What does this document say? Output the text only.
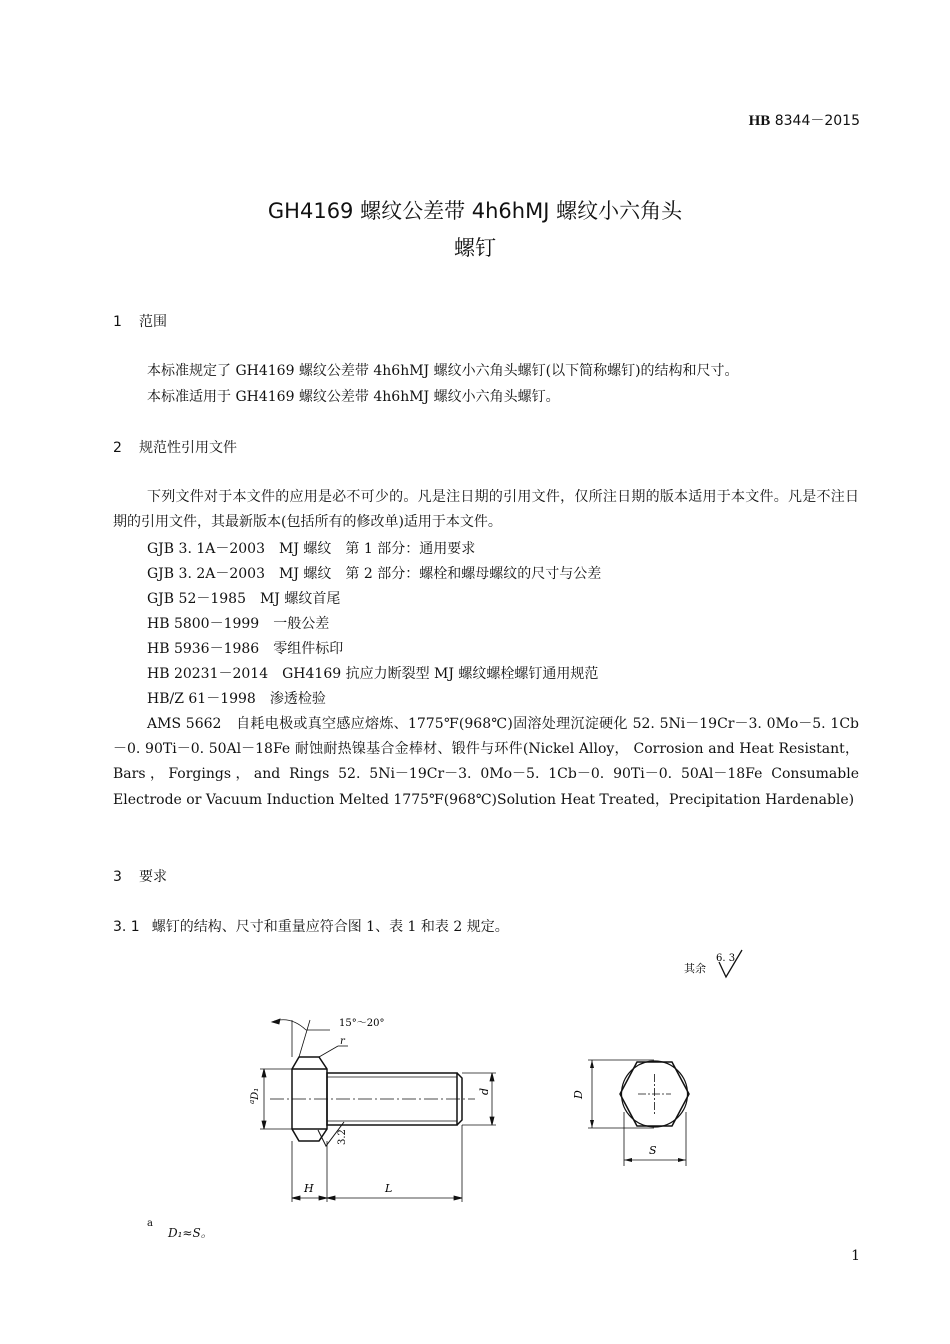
HB 8344－2015
GH4169 螺纹公差带 4h6hMJ 螺纹小六角头
螺钉
1 范围
本标准规定了 GH4169 螺纹公差带 4h6hMJ 螺纹小六角头螺钉(以下简称螺钉)的结构和尺寸。
本标准适用于 GH4169 螺纹公差带 4h6hMJ 螺纹小六角头螺钉。
2 规范性引用文件
下列文件对于本文件的应用是必不可少的。凡是注日期的引用文件，仅所注日期的版本适用于本文件。凡是不注日期的引用文件，其最新版本(包括所有的修改单)适用于本文件。
GJB 3. 1A－2003　MJ 螺纹　第 1 部分：通用要求
GJB 3. 2A－2003　MJ 螺纹　第 2 部分：螺栓和螺母螺纹的尺寸与公差
GJB 52－1985　MJ 螺纹首尾
HB 5800－1999　一般公差
HB 5936－1986　零组件标印
HB 20231－2014　GH4169 抗应力断裂型 MJ 螺纹螺栓螺钉通用规范
HB/Z 61－1998　渗透检验
AMS 5662　自耗电极或真空感应熔炼、1775℉(968℃)固溶处理沉淀硬化 52. 5Ni－19Cr－3. 0Mo－5. 1Cb－0. 90Ti－0. 50Al－18Fe 耐蚀耐热镍基合金棒材、锻件与环件(Nickel Alloy， Corrosion and Heat Resistant，Bars，Forgings，and Rings 52. 5Ni－19Cr－3. 0Mo－5. 1Cb－0. 90Ti－0. 50Al－18Fe Consumable Electrode or Vacuum Induction Melted 1775℉(968℃)Solution Heat Treated，Precipitation Hardenable)
3 要求
3. 1 螺钉的结构、尺寸和重量应符合图 1、表 1 和表 2 规定。
其余
6. 3
15°～20°
r
$^a$D₁	d
3.2
H	L
D
S
a
D₁≈S。
1
